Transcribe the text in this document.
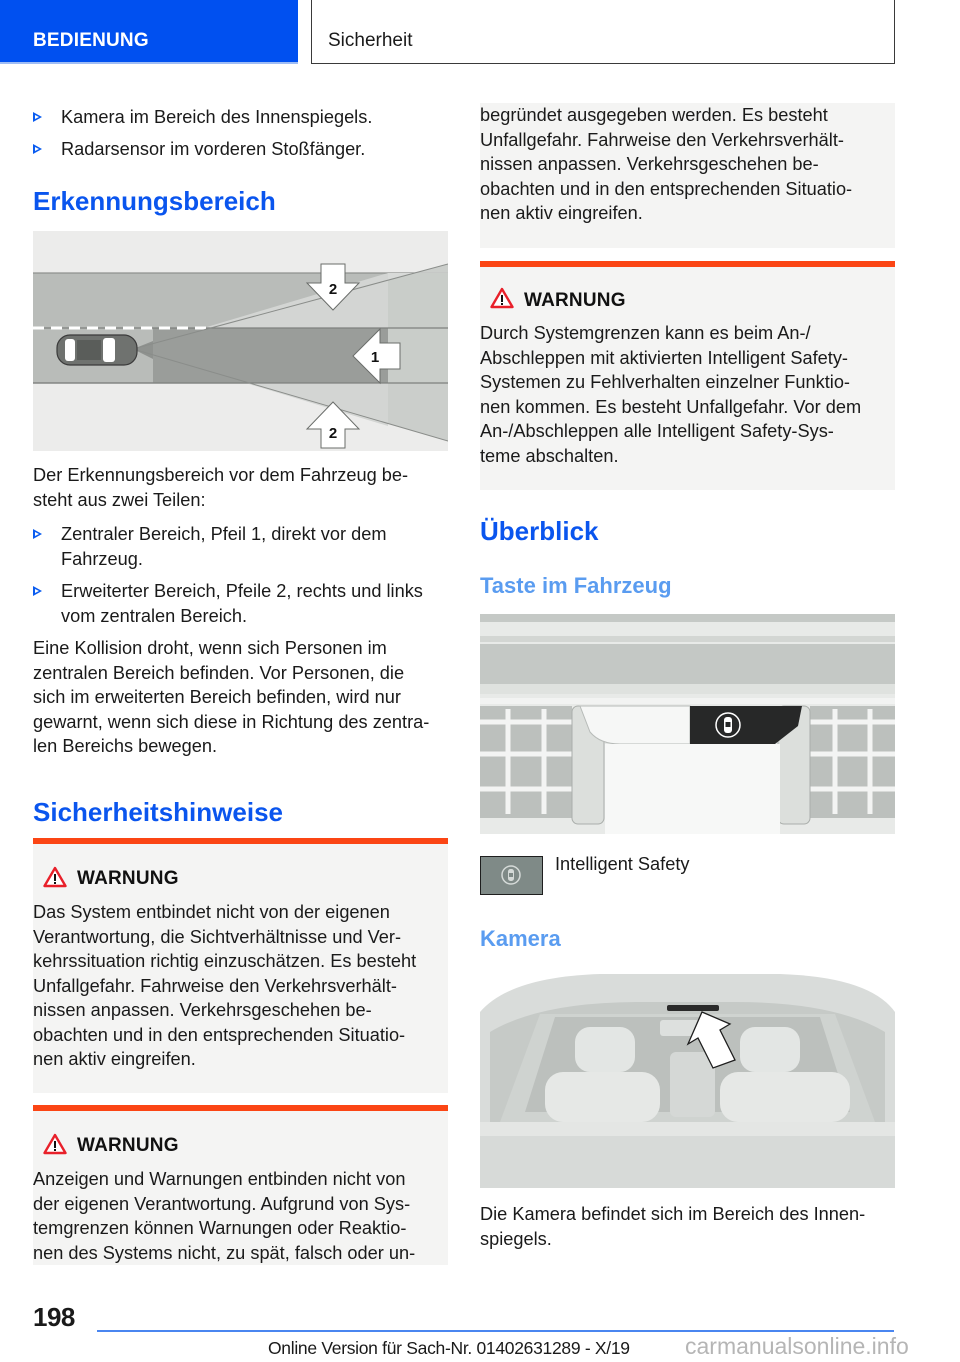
BEDIENUNG	Sicherheit
Kamera im Bereich des Innenspiegels.
Radarsensor im vorderen Stoßfänger.
Erkennungsbereich
2
1
2
Der Erkennungsbereich vor dem Fahrzeug be-
steht aus zwei Teilen:
Zentraler Bereich, Pfeil 1, direkt vor dem
Fahrzeug.
Erweiterter Bereich, Pfeile 2, rechts und links
vom zentralen Bereich.
Eine Kollision droht, wenn sich Personen im
zentralen Bereich befinden. Vor Personen, die
sich im erweiterten Bereich befinden, wird nur
gewarnt, wenn sich diese in Richtung des zentra-
len Bereichs bewegen.
Sicherheitshinweise
WARNUNG
Das System entbindet nicht von der eigenen
Verantwortung, die Sichtverhältnisse und Ver-
kehrssituation richtig einzuschätzen. Es besteht
Unfallgefahr. Fahrweise den Verkehrsverhält-
nissen anpassen. Verkehrsgeschehen be-
obachten und in den entsprechenden Situatio-
nen aktiv eingreifen.
WARNUNG
Anzeigen und Warnungen entbinden nicht von
der eigenen Verantwortung. Aufgrund von Sys-
temgrenzen können Warnungen oder Reaktio-
nen des Systems nicht, zu spät, falsch oder un-
begründet ausgegeben werden. Es besteht
Unfallgefahr. Fahrweise den Verkehrsverhält-
nissen anpassen. Verkehrsgeschehen be-
obachten und in den entsprechenden Situatio-
nen aktiv eingreifen.
WARNUNG
Durch Systemgrenzen kann es beim An-/
Abschleppen mit aktivierten Intelligent Safety-
Systemen zu Fehlverhalten einzelner Funktio-
nen kommen. Es besteht Unfallgefahr. Vor dem
An-/Abschleppen alle Intelligent Safety-Sys-
teme abschalten.
Überblick
Taste im Fahrzeug
Intelligent Safety
Kamera
Die Kamera befindet sich im Bereich des Innen-
spiegels.
198
Online Version für Sach-Nr. 01402631289 - X/19 carmanualsonline.info
